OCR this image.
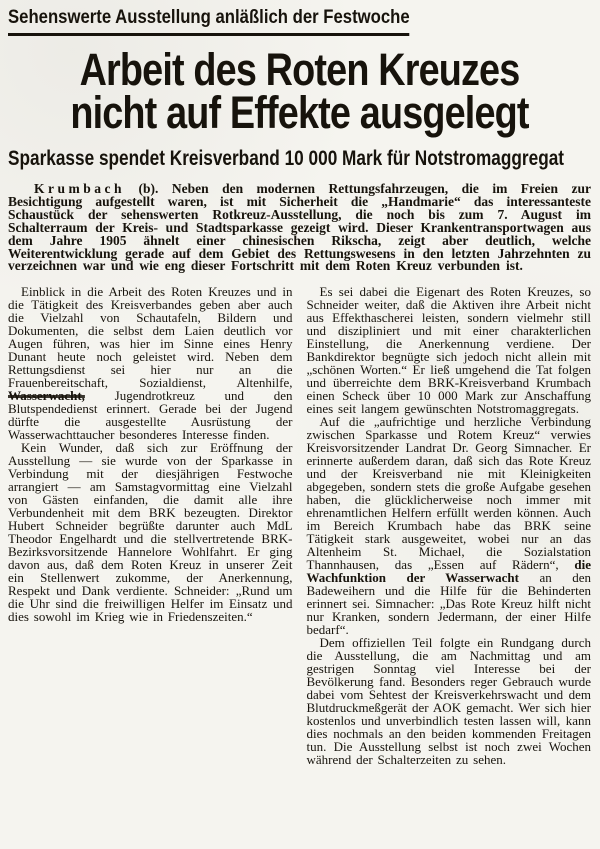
Sehenswerte Ausstellung anläßlich der Festwoche
Arbeit des Roten Kreuzes
nicht auf Effekte ausgelegt
Sparkasse spendet Kreisverband 10 000 Mark für Notstromaggregat

Krumbach (b). Neben den modernen Rettungsfahrzeugen, die im Freien zur Besichtigung aufgestellt waren, ist mit Sicherheit die „Handmarie“ das interessanteste Schaustück der sehenswerten Rotkreuz-Ausstellung, die noch bis zum 7. August im Schalterraum der Kreis- und Stadtsparkasse gezeigt wird. Dieser Krankentransportwagen aus dem Jahre 1905 ähnelt einer chinesischen Rikscha, zeigt aber deutlich, welche Weiterentwicklung gerade auf dem Gebiet des Rettungswesens in den letzten Jahrzehnten zu verzeichnen war und wie eng dieser Fortschritt mit dem Roten Kreuz verbunden ist.

Einblick in die Arbeit des Roten Kreuzes und in die Tätigkeit des Kreisverbandes geben aber auch die Vielzahl von Schautafeln, Bildern und Dokumenten, die selbst dem Laien deutlich vor Augen führen, was hier im Sinne eines Henry Dunant heute noch geleistet wird. Neben dem Rettungsdienst sei hier nur an die Frauenbereitschaft, Sozialdienst, Altenhilfe, Wasserwacht, Jugendrotkreuz und den Blutspendedienst erinnert. Gerade bei der Jugend dürfte die ausgestellte Ausrüstung der Wasserwachttaucher besonderes Interesse finden.

Kein Wunder, daß sich zur Eröffnung der Ausstellung — sie wurde von der Sparkasse in Verbindung mit der diesjährigen Festwoche arrangiert — am Samstagvormittag eine Vielzahl von Gästen einfanden, die damit alle ihre Verbundenheit mit dem BRK bezeugten. Direktor Hubert Schneider begrüßte darunter auch MdL Theodor Engelhardt und die stellvertretende BRK-Bezirksvorsitzende Hannelore Wohlfahrt. Er ging davon aus, daß dem Roten Kreuz in unserer Zeit ein Stellenwert zukomme, der Anerkennung, Respekt und Dank verdiente. Schneider: „Rund um die Uhr sind die freiwilligen Helfer im Einsatz und dies sowohl im Krieg wie in Friedenszeiten.“

Es sei dabei die Eigenart des Roten Kreuzes, so Schneider weiter, daß die Aktiven ihre Arbeit nicht aus Effekthascherei leisten, sondern vielmehr still und diszipliniert und mit einer charakterlichen Einstellung, die Anerkennung verdiene. Der Bankdirektor begnügte sich jedoch nicht allein mit „schönen Worten.“ Er ließ umgehend die Tat folgen und überreichte dem BRK-Kreisverband Krumbach einen Scheck über 10 000 Mark zur Anschaffung eines seit langem gewünschten Notstromaggregats.

Auf die „aufrichtige und herzliche Verbindung zwischen Sparkasse und Rotem Kreuz“ verwies Kreisvorsitzender Landrat Dr. Georg Simnacher. Er erinnerte außerdem daran, daß sich das Rote Kreuz und der Kreisverband nie mit Kleinigkeiten abgegeben, sondern stets die große Aufgabe gesehen haben, die glücklicherweise noch immer mit ehrenamtlichen Helfern erfüllt werden können. Auch im Bereich Krumbach habe das BRK seine Tätigkeit stark ausgeweitet, wobei nur an das Altenheim St. Michael, die Sozialstation Thannhausen, das „Essen auf Rädern“, die Wachfunktion der Wasserwacht an den Badeweihern und die Hilfe für die Behinderten erinnert sei. Simnacher: „Das Rote Kreuz hilft nicht nur Kranken, sondern Jedermann, der einer Hilfe bedarf“.

Dem offiziellen Teil folgte ein Rundgang durch die Ausstellung, die am Nachmittag und am gestrigen Sonntag viel Interesse bei der Bevölkerung fand. Besonders reger Gebrauch wurde dabei vom Sehtest der Kreisverkehrswacht und dem Blutdruckmeßgerät der AOK gemacht. Wer sich hier kostenlos und unverbindlich testen lassen will, kann dies nochmals an den beiden kommenden Freitagen tun. Die Ausstellung selbst ist noch zwei Wochen während der Schalterzeiten zu sehen.
